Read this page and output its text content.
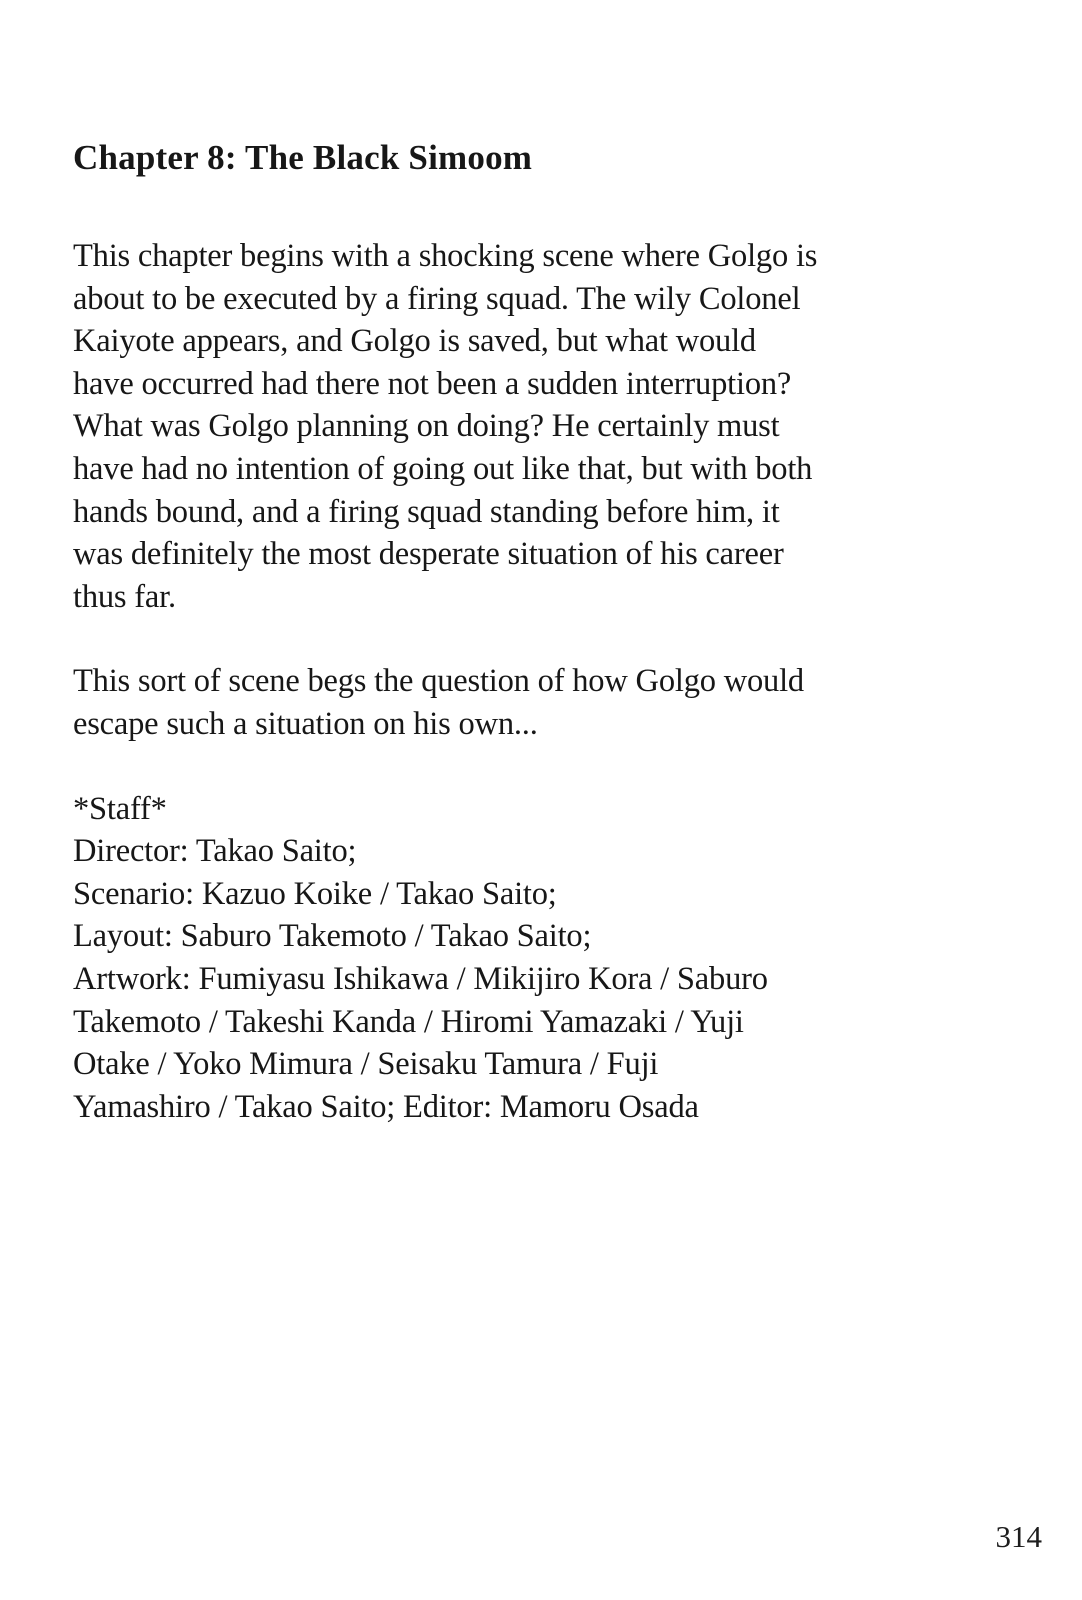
Chapter 8: The Black Simoom
This chapter begins with a shocking scene where Golgo is
about to be executed by a firing squad. The wily Colonel
Kaiyote appears, and Golgo is saved, but what would
have occurred had there not been a sudden interruption?
What was Golgo planning on doing? He certainly must
have had no intention of going out like that, but with both
hands bound, and a firing squad standing before him, it
was definitely the most desperate situation of his career
thus far.
This sort of scene begs the question of how Golgo would
escape such a situation on his own...
*Staff*
Director: Takao Saito;
Scenario: Kazuo Koike / Takao Saito;
Layout: Saburo Takemoto / Takao Saito;
Artwork: Fumiyasu Ishikawa / Mikijiro Kora / Saburo
Takemoto / Takeshi Kanda / Hiromi Yamazaki / Yuji
Otake / Yoko Mimura / Seisaku Tamura / Fuji
Yamashiro / Takao Saito; Editor: Mamoru Osada
314
